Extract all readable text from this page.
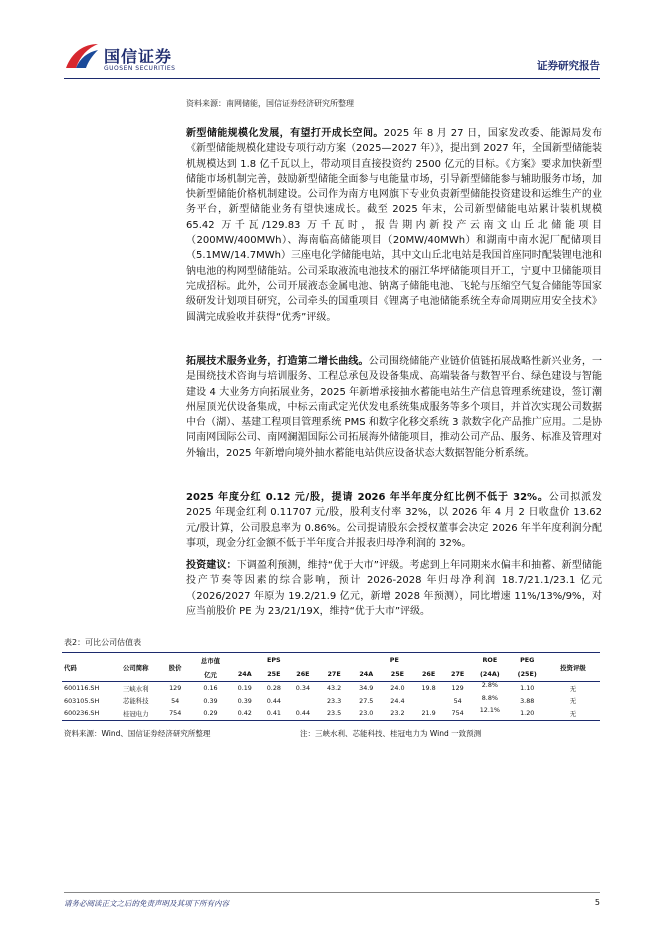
国信证券
GUOSEN SECURITIES	证券研究报告
资料来源：南网储能，国信证券经济研究所整理

新型储能规模化发展，有望打开成长空间。2025 年 8 月 27 日，国家发改委、能源局发布《新型储能规模化建设专项行动方案（2025—2027 年）》，提出到 2027 年，全国新型储能装机规模达到 1.8 亿千瓦以上，带动项目直接投资约 2500 亿元的目标。《方案》要求加快新型储能市场机制完善，鼓励新型储能全面参与电能量市场，引导新型储能参与辅助服务市场，加快新型储能价格机制建设。公司作为南方电网旗下专业负责新型储能投资建设和运维生产的业务平台，新型储能业务有望快速成长。截至 2025 年末，公司新型储能电站累计装机规模 65.42 万千瓦/129.83 万千瓦时，报告期内新投产云南文山丘北储能项目（200MW/400MWh）、海南临高储能项目（20MW/40MWh）和湖南中南水泥厂配储项目（5.1MW/14.7MWh）三座电化学储能电站，其中文山丘北电站是我国首座同时配装锂电池和钠电池的构网型储能站。公司采取液流电池技术的丽江华坪储能项目开工，宁夏中卫储能项目完成招标。此外，公司开展液态金属电池、钠离子储能电池、飞轮与压缩空气复合储能等国家级研发计划项目研究，公司牵头的国重项目《锂离子电池储能系统全寿命周期应用安全技术》圆满完成验收并获得“优秀”评级。

拓展技术服务业务，打造第二增长曲线。公司围绕储能产业链价值链拓展战略性新兴业务，一是围绕技术咨询与培训服务、工程总承包及设备集成、高端装备与数智平台、绿色建设与智能建设 4 大业务方向拓展业务，2025 年新增承接抽水蓄能电站生产信息管理系统建设，签订潮州屋顶光伏设备集成，中标云南武定光伏发电系统集成服务等多个项目，并首次实现公司数据中台（湖）、基建工程项目管理系统 PMS 和数字化移交系统 3 款数字化产品推广应用。二是协同南网国际公司、南网澜湄国际公司拓展海外储能项目，推动公司产品、服务、标准及管理对外输出，2025 年新增向境外抽水蓄能电站供应设备状态大数据智能分析系统。

2025 年度分红 0.12 元/股，提请 2026 年半年度分红比例不低于 32%。公司拟派发 2025 年现金红利 0.11707 元/股，股利支付率 32%，以 2026 年 4 月 2 日收盘价 13.62 元/股计算，公司股息率为 0.86%。公司提请股东会授权董事会决定 2026 年半年度利润分配事项，现金分红金额不低于半年度合并报表归母净利润的 32%。

投资建议：下调盈利预测，维持“优于大市”评级。考虑到上年同期来水偏丰和抽蓄、新型储能投产节奏等因素的综合影响，预计 2026-2028 年归母净利润 18.7/21.1/23.1 亿元（2026/2027 年原为 19.2/21.9 亿元，新增 2028 年预测），同比增速 11%/13%/9%，对应当前股价 PE 为 23/21/19X，维持“优于大市”评级。

表2：可比公司估值表
代码	公司简称	股价	总市值	EPS			PE					ROE	PEG	投资评级
			亿元	24A	25E	26E	27E	24A	25E	26E	27E	(24A)	(25E)	
600116.SH	三峡水利	129	0.16	0.19	0.28	0.34	43.2	34.9	24.0	19.8	129	2.8%	1.10	无
603105.SH	芯能科技	54	0.39	0.39	0.44		23.3	27.5	24.4		54	8.8%	3.88	无
600236.SH	桂冠电力	754	0.29	0.42	0.41	0.44	23.5	23.0	23.2	21.9	754	12.1%	1.20	无
资料来源：Wind、国信证券经济研究所整理	注：三峡水利、芯能科技、桂冠电力为 Wind 一致预测
请务必阅读正文之后的免责声明及其项下所有内容	5
